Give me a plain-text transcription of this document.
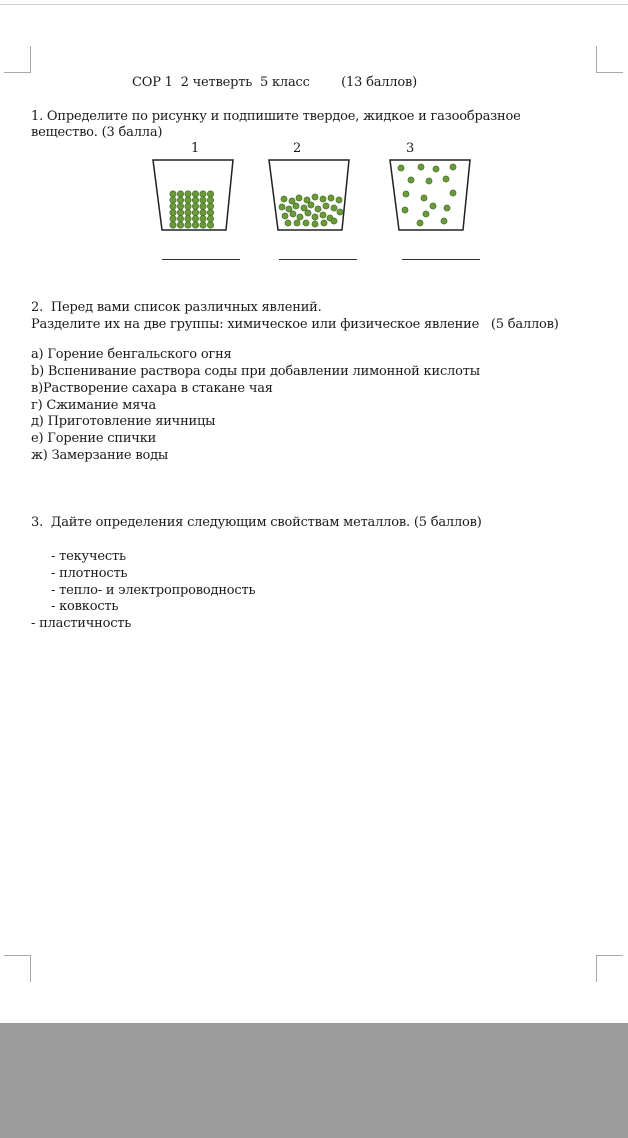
СОР 1  2 четверть  5 класс        (13 баллов)

1. Определите по рисунку и подпишите твердое, жидкое и газообразное

вещество. (3 балла)

1	2	3

2.  Перед вами список различных явлений.

Разделите их на две группы: химическое или физическое явление   (5 баллов)

а) Горение бенгальского огня

b) Вспенивание раствора соды при добавлении лимонной кислоты

в)Растворение сахара в стакане чая

г) Сжимание мяча

д) Приготовление яичницы

е) Горение спички

ж) Замерзание воды

3.  Дайте определения следующим свойствам металлов. (5 баллов)

- текучесть

- плотность

- тепло- и электропроводность

- ковкость

- пластичность
